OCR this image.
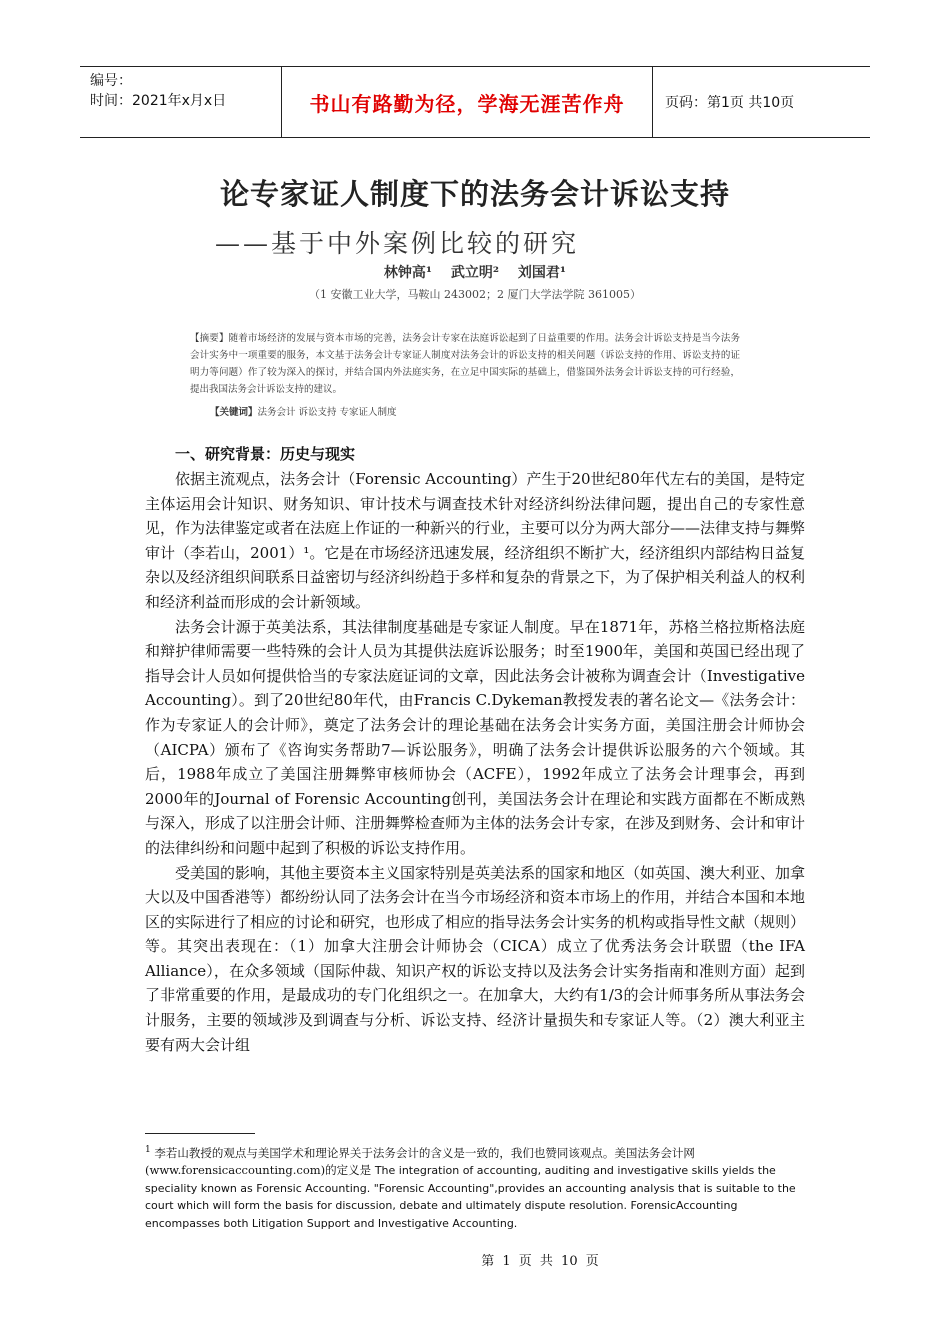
编号：
时间：2021年x月x日	书山有路勤为径，学海无涯苦作舟	页码：第1页 共10页
论专家证人制度下的法务会计诉讼支持
——基于中外案例比较的研究
林钟高¹ 武立明² 刘国君¹
（1 安徽工业大学，马鞍山 243002；2 厦门大学法学院 361005）
【摘要】随着市场经济的发展与资本市场的完善，法务会计专家在法庭诉讼起到了日益重要的作用。法务会计诉讼支持是当今法务会计实务中一项重要的服务，本文基于法务会计专家证人制度对法务会计的诉讼支持的相关问题（诉讼支持的作用、诉讼支持的证明力等问题）作了较为深入的探讨，并结合国内外法庭实务，在立足中国实际的基础上，借鉴国外法务会计诉讼支持的可行经验，提出我国法务会计诉讼支持的建议。
【关键词】法务会计 诉讼支持 专家证人制度
一、研究背景：历史与现实

依据主流观点，法务会计（Forensic Accounting）产生于20世纪80年代左右的美国，是特定主体运用会计知识、财务知识、审计技术与调查技术针对经济纠纷法律问题，提出自己的专家性意见，作为法律鉴定或者在法庭上作证的一种新兴的行业，主要可以分为两大部分——法律支持与舞弊审计（李若山，2001）¹。它是在市场经济迅速发展，经济组织不断扩大，经济组织内部结构日益复杂以及经济组织间联系日益密切与经济纠纷趋于多样和复杂的背景之下，为了保护相关利益人的权利和经济利益而形成的会计新领域。

法务会计源于英美法系，其法律制度基础是专家证人制度。早在1871年，苏格兰格拉斯格法庭和辩护律师需要一些特殊的会计人员为其提供法庭诉讼服务；时至1900年，美国和英国已经出现了指导会计人员如何提供恰当的专家法庭证词的文章，因此法务会计被称为调查会计（Investigative Accounting）。到了20世纪80年代，由Francis C.Dykeman教授发表的著名论文—《法务会计：作为专家证人的会计师》，奠定了法务会计的理论基础在法务会计实务方面，美国注册会计师协会（AICPA）颁布了《咨询实务帮助7—诉讼服务》，明确了法务会计提供诉讼服务的六个领域。其后，1988年成立了美国注册舞弊审核师协会（ACFE），1992年成立了法务会计理事会，再到2000年的Journal of Forensic Accounting创刊，美国法务会计在理论和实践方面都在不断成熟与深入，形成了以注册会计师、注册舞弊检查师为主体的法务会计专家，在涉及到财务、会计和审计的法律纠纷和问题中起到了积极的诉讼支持作用。

受美国的影响，其他主要资本主义国家特别是英美法系的国家和地区（如英国、澳大利亚、加拿大以及中国香港等）都纷纷认同了法务会计在当今市场经济和资本市场上的作用，并结合本国和本地区的实际进行了相应的讨论和研究，也形成了相应的指导法务会计实务的机构或指导性文献（规则）等。其突出表现在：（1）加拿大注册会计师协会（CICA）成立了优秀法务会计联盟（the IFA Alliance），在众多领域（国际仲裁、知识产权的诉讼支持以及法务会计实务指南和准则方面）起到了非常重要的作用，是最成功的专门化组织之一。在加拿大，大约有1/3的会计师事务所从事法务会计服务，主要的领域涉及到调查与分析、诉讼支持、经济计量损失和专家证人等。（2）澳大利亚主要有两大会计组

$^1$ 李若山教授的观点与美国学术和理论界关于法务会计的含义是一致的，我们也赞同该观点。美国法务会计网(www.forensicaccounting.com)的定义是 The integration of accounting, auditing and investigative skills yields the speciality known as Forensic Accounting. "Forensic Accounting",provides an accounting analysis that is suitable to the court which will form the basis for discussion, debate and ultimately dispute resolution. ForensicAccounting encompasses both Litigation Support and Investigative Accounting.
第 1 页 共 10 页
